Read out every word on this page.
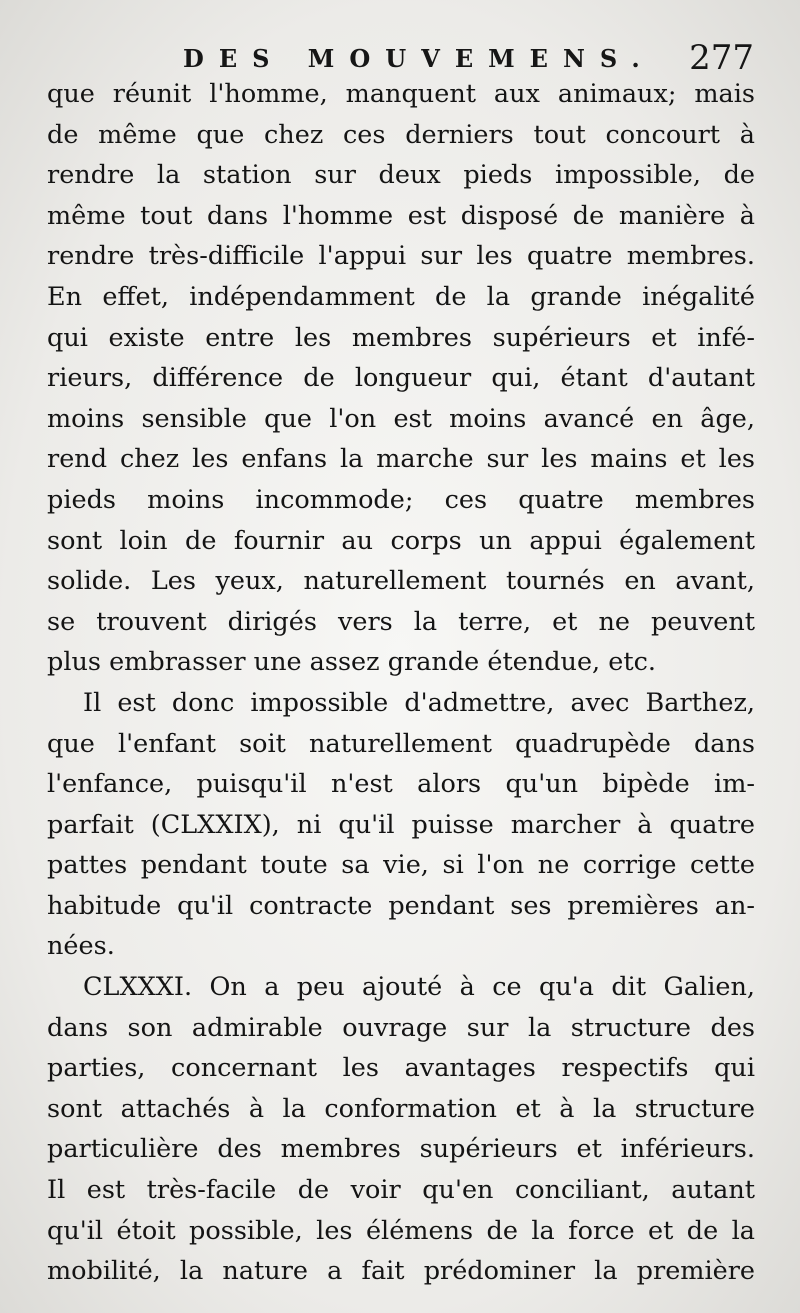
DES MOUVEMENS. 277
que réunit l'homme, manquent aux animaux; mais
de même que chez ces derniers tout concourt à
rendre la station sur deux pieds impossible, de
même tout dans l'homme est disposé de manière à
rendre très-difficile l'appui sur les quatre membres.
En effet, indépendamment de la grande inégalité
qui existe entre les membres supérieurs et infé-
rieurs, différence de longueur qui, étant d'autant
moins sensible que l'on est moins avancé en âge,
rend chez les enfans la marche sur les mains et les
pieds moins incommode; ces quatre membres
sont loin de fournir au corps un appui également
solide. Les yeux, naturellement tournés en avant,
se trouvent dirigés vers la terre, et ne peuvent
plus embrasser une assez grande étendue, etc.
Il est donc impossible d'admettre, avec Barthez,
que l'enfant soit naturellement quadrupède dans
l'enfance, puisqu'il n'est alors qu'un bipède im-
parfait (CLXXIX), ni qu'il puisse marcher à quatre
pattes pendant toute sa vie, si l'on ne corrige cette
habitude qu'il contracte pendant ses premières an-
nées.
CLXXXI. On a peu ajouté à ce qu'a dit Galien,
dans son admirable ouvrage sur la structure des
parties, concernant les avantages respectifs qui
sont attachés à la conformation et à la structure
particulière des membres supérieurs et inférieurs.
Il est très-facile de voir qu'en conciliant, autant
qu'il étoit possible, les élémens de la force et de la
mobilité, la nature a fait prédominer la première
